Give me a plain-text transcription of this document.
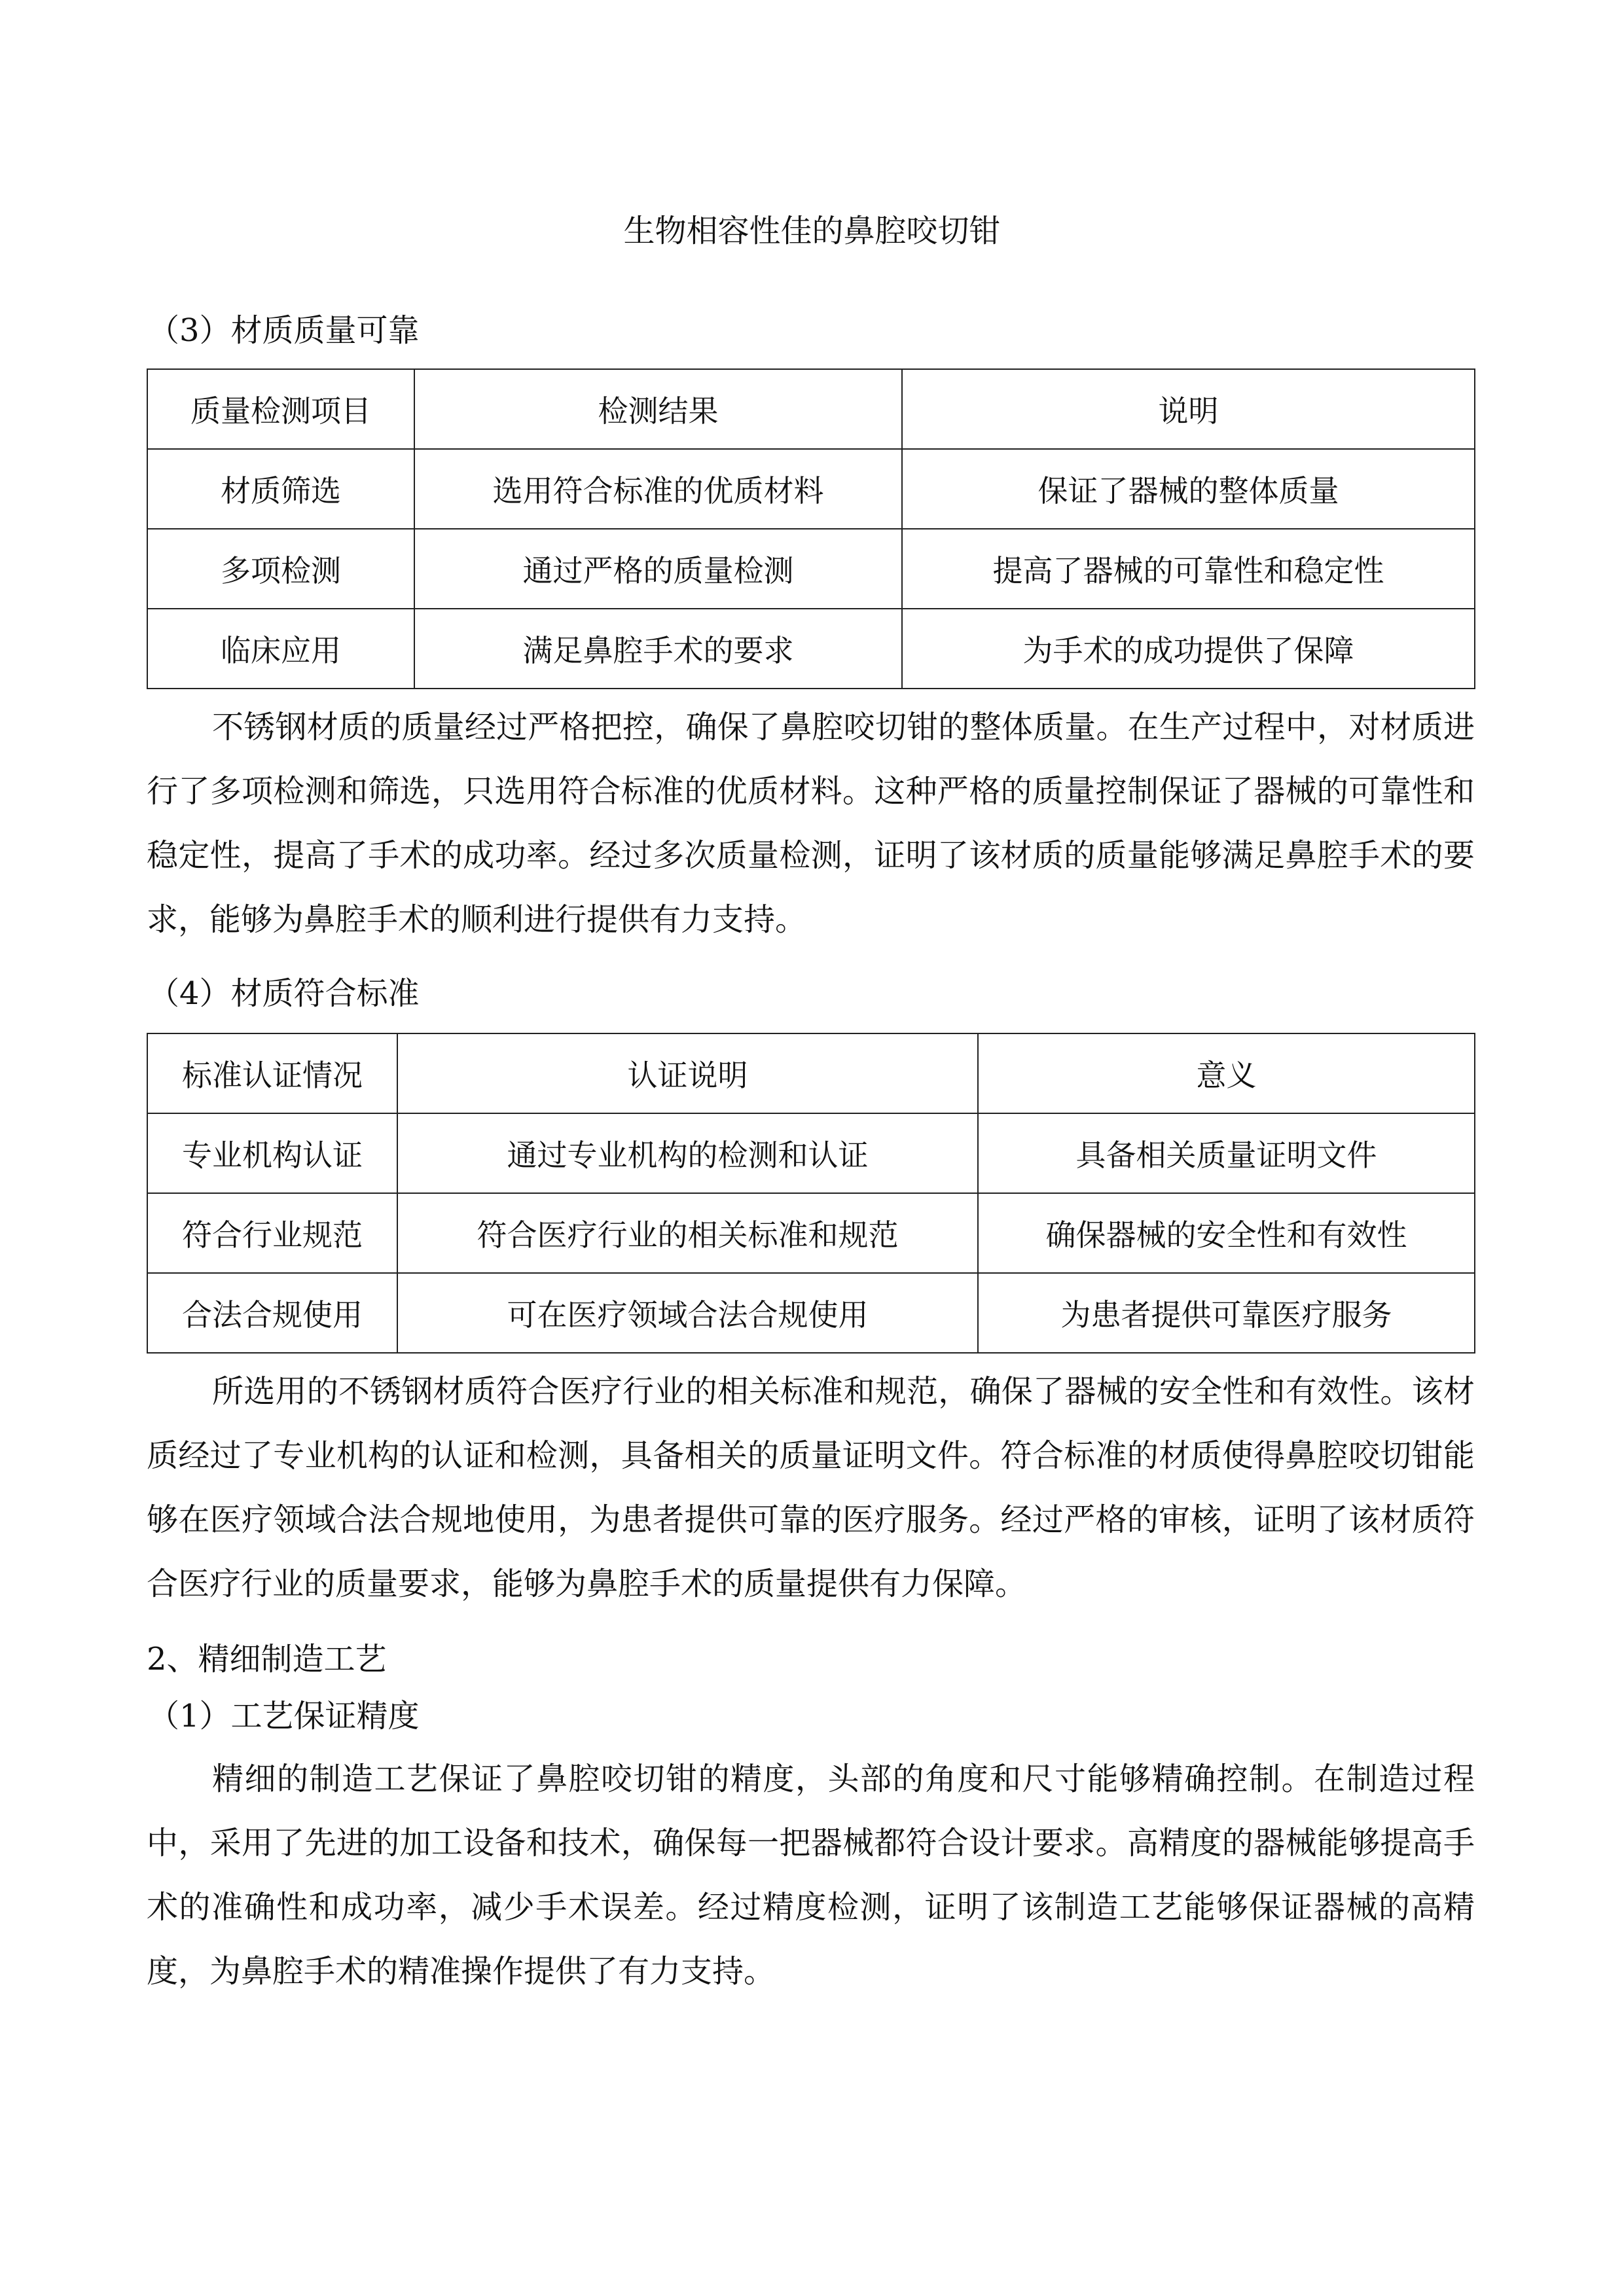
生物相容性佳的鼻腔咬切钳
（3）材质质量可靠
质量检测项目	检测结果	说明
材质筛选	选用符合标准的优质材料	保证了器械的整体质量
多项检测	通过严格的质量检测	提高了器械的可靠性和稳定性
临床应用	满足鼻腔手术的要求	为手术的成功提供了保障
不锈钢材质的质量经过严格把控，确保了鼻腔咬切钳的整体质量。在生产过程中，对材质进行了多项检测和筛选，只选用符合标准的优质材料。这种严格的质量控制保证了器械的可靠性和稳定性，提高了手术的成功率。经过多次质量检测，证明了该材质的质量能够满足鼻腔手术的要求，能够为鼻腔手术的顺利进行提供有力支持。
（4）材质符合标准
标准认证情况	认证说明	意义
专业机构认证	通过专业机构的检测和认证	具备相关质量证明文件
符合行业规范	符合医疗行业的相关标准和规范	确保器械的安全性和有效性
合法合规使用	可在医疗领域合法合规使用	为患者提供可靠医疗服务
所选用的不锈钢材质符合医疗行业的相关标准和规范，确保了器械的安全性和有效性。该材质经过了专业机构的认证和检测，具备相关的质量证明文件。符合标准的材质使得鼻腔咬切钳能够在医疗领域合法合规地使用，为患者提供可靠的医疗服务。经过严格的审核，证明了该材质符合医疗行业的质量要求，能够为鼻腔手术的质量提供有力保障。
2、精细制造工艺
（1）工艺保证精度
精细的制造工艺保证了鼻腔咬切钳的精度，头部的角度和尺寸能够精确控制。在制造过程中，采用了先进的加工设备和技术，确保每一把器械都符合设计要求。高精度的器械能够提高手术的准确性和成功率，减少手术误差。经过精度检测，证明了该制造工艺能够保证器械的高精度，为鼻腔手术的精准操作提供了有力支持。
